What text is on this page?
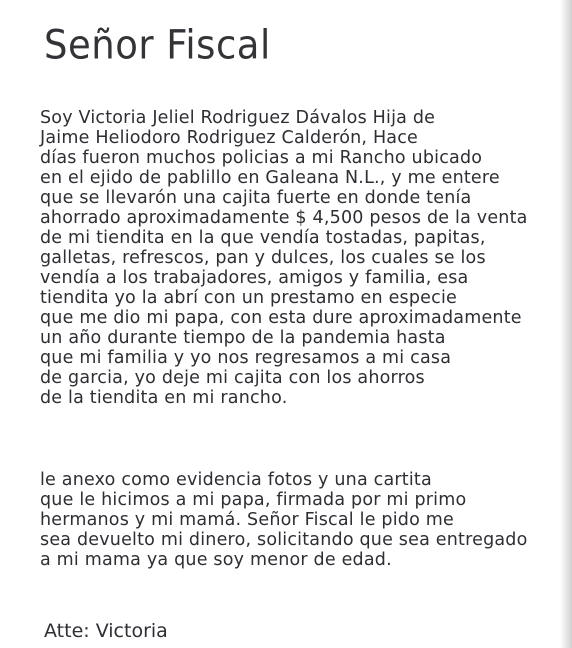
Señor Fiscal
Soy Victoria Jeliel Rodriguez Dávalos Hija de
Jaime Heliodoro Rodriguez Calderón, Hace
días fueron muchos policias a mi Rancho ubicado
en el ejido de pablillo en Galeana N.L., y me entere
que se llevarón una cajita fuerte en donde tenía
ahorrado aproximadamente $ 4,500 pesos de la venta
de mi tiendita en la que vendía tostadas, papitas,
galletas, refrescos, pan y dulces, los cuales se los
vendía a los trabajadores, amigos y familia, esa
tiendita yo la abrí con un prestamo en especie
que me dio mi papa, con esta dure aproximadamente
un año durante tiempo de la pandemia hasta
que mi familia y yo nos regresamos a mi casa
de garcia, yo deje mi cajita con los ahorros
de la tiendita en mi rancho.
le anexo como evidencia fotos y una cartita
que le hicimos a mi papa, firmada por mi primo
hermanos y mi mamá. Señor Fiscal le pido me
sea devuelto mi dinero, solicitando que sea entregado
a mi mama ya que soy menor de edad.
Atte: Victoria
